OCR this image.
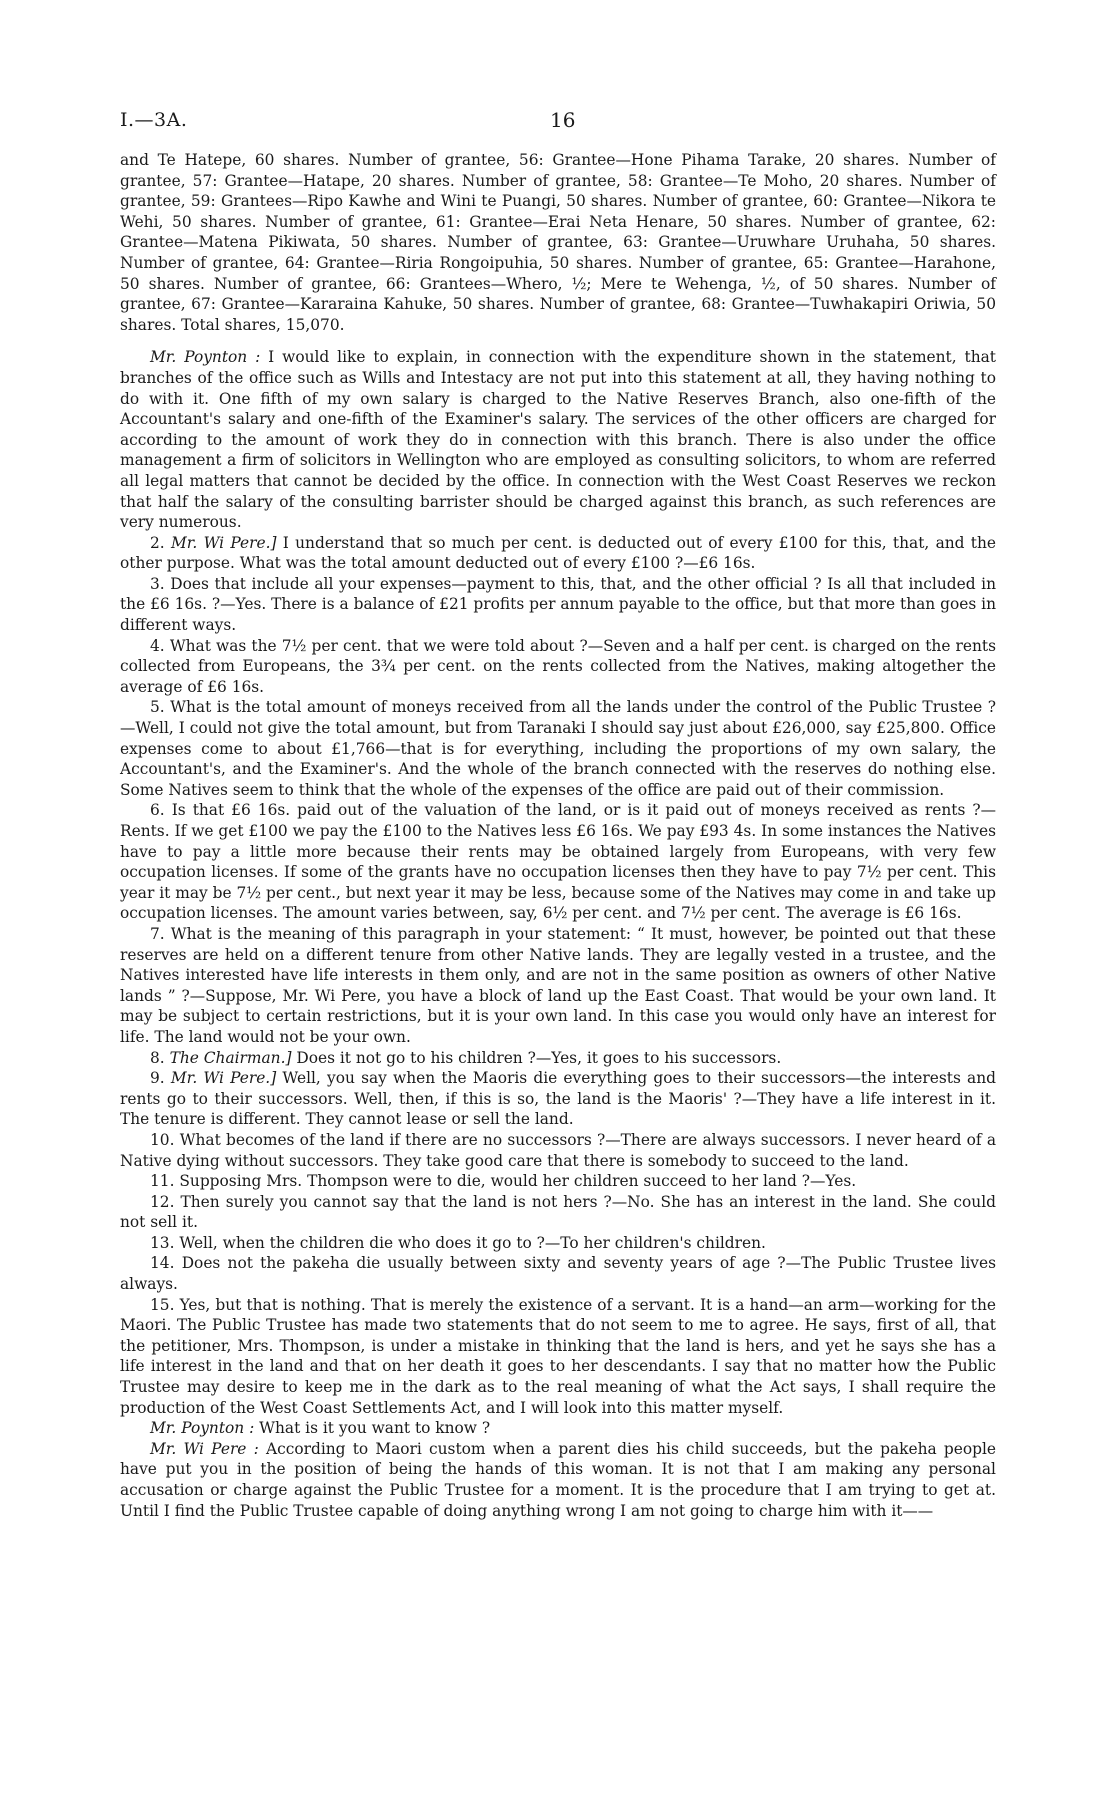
I.—3A.	16

and Te Hatepe, 60 shares. Number of grantee, 56: Grantee—Hone Pihama Tarake, 20 shares. Number of grantee, 57: Grantee—Hatape, 20 shares. Number of grantee, 58: Grantee—Te Moho, 20 shares. Number of grantee, 59: Grantees—Ripo Kawhe and Wini te Puangi, 50 shares. Number of grantee, 60: Grantee—Nikora te Wehi, 50 shares. Number of grantee, 61: Grantee—Erai Neta Henare, 50 shares. Number of grantee, 62: Grantee—Matena Pikiwata, 50 shares. Number of grantee, 63: Grantee—Uruwhare Uruhaha, 50 shares. Number of grantee, 64: Grantee—Riria Rongoipuhia, 50 shares. Number of grantee, 65: Grantee—Harahone, 50 shares. Number of grantee, 66: Grantees—Whero, ½; Mere te Wehenga, ½, of 50 shares. Number of grantee, 67: Grantee—Kararaina Kahuke, 50 shares. Number of grantee, 68: Grantee—Tuwhakapiri Oriwia, 50 shares. Total shares, 15,070.

Mr. Poynton : I would like to explain, in connection with the expenditure shown in the statement, that branches of the office such as Wills and Intestacy are not put into this statement at all, they having nothing to do with it. One fifth of my own salary is charged to the Native Reserves Branch, also one-fifth of the Accountant's salary and one-fifth of the Examiner's salary. The services of the other officers are charged for according to the amount of work they do in connection with this branch. There is also under the office management a firm of solicitors in Wellington who are employed as consulting solicitors, to whom are referred all legal matters that cannot be decided by the office. In connection with the West Coast Reserves we reckon that half the salary of the consulting barrister should be charged against this branch, as such references are very numerous.

2. Mr. Wi Pere.] I understand that so much per cent. is deducted out of every £100 for this, that, and the other purpose. What was the total amount deducted out of every £100 ?—£6 16s.

3. Does that include all your expenses—payment to this, that, and the other official ? Is all that included in the £6 16s. ?—Yes. There is a balance of £21 profits per annum payable to the office, but that more than goes in different ways.

4. What was the 7½ per cent. that we were told about ?—Seven and a half per cent. is charged on the rents collected from Europeans, the 3¾ per cent. on the rents collected from the Natives, making altogether the average of £6 16s.

5. What is the total amount of moneys received from all the lands under the control of the Public Trustee ?—Well, I could not give the total amount, but from Taranaki I should say just about £26,000, say £25,800. Office expenses come to about £1,766—that is for everything, including the proportions of my own salary, the Accountant's, and the Examiner's. And the whole of the branch connected with the reserves do nothing else. Some Natives seem to think that the whole of the expenses of the office are paid out of their commission.

6. Is that £6 16s. paid out of the valuation of the land, or is it paid out of moneys received as rents ?—Rents. If we get £100 we pay the £100 to the Natives less £6 16s. We pay £93 4s. In some instances the Natives have to pay a little more because their rents may be obtained largely from Europeans, with very few occupation licenses. If some of the grants have no occupation licenses then they have to pay 7½ per cent. This year it may be 7½ per cent., but next year it may be less, because some of the Natives may come in and take up occupation licenses. The amount varies between, say, 6½ per cent. and 7½ per cent. The average is £6 16s.

7. What is the meaning of this paragraph in your statement: “ It must, however, be pointed out that these reserves are held on a different tenure from other Native lands. They are legally vested in a trustee, and the Natives interested have life interests in them only, and are not in the same position as owners of other Native lands ” ?—Suppose, Mr. Wi Pere, you have a block of land up the East Coast. That would be your own land. It may be subject to certain restrictions, but it is your own land. In this case you would only have an interest for life. The land would not be your own.

8. The Chairman.] Does it not go to his children ?—Yes, it goes to his successors.

9. Mr. Wi Pere.] Well, you say when the Maoris die everything goes to their successors—the interests and rents go to their successors. Well, then, if this is so, the land is the Maoris' ?—They have a life interest in it. The tenure is different. They cannot lease or sell the land.

10. What becomes of the land if there are no successors ?—There are always successors. I never heard of a Native dying without successors. They take good care that there is somebody to succeed to the land.

11. Supposing Mrs. Thompson were to die, would her children succeed to her land ?—Yes.

12. Then surely you cannot say that the land is not hers ?—No. She has an interest in the land. She could not sell it.

13. Well, when the children die who does it go to ?—To her children's children.

14. Does not the pakeha die usually between sixty and seventy years of age ?—The Public Trustee lives always.

15. Yes, but that is nothing. That is merely the existence of a servant. It is a hand—an arm—working for the Maori. The Public Trustee has made two statements that do not seem to me to agree. He says, first of all, that the petitioner, Mrs. Thompson, is under a mistake in thinking that the land is hers, and yet he says she has a life interest in the land and that on her death it goes to her descendants. I say that no matter how the Public Trustee may desire to keep me in the dark as to the real meaning of what the Act says, I shall require the production of the West Coast Settlements Act, and I will look into this matter myself.

Mr. Poynton : What is it you want to know ?

Mr. Wi Pere : According to Maori custom when a parent dies his child succeeds, but the pakeha people have put you in the position of being the hands of this woman. It is not that I am making any personal accusation or charge against the Public Trustee for a moment. It is the procedure that I am trying to get at. Until I find the Public Trustee capable of doing anything wrong I am not going to charge him with it——
